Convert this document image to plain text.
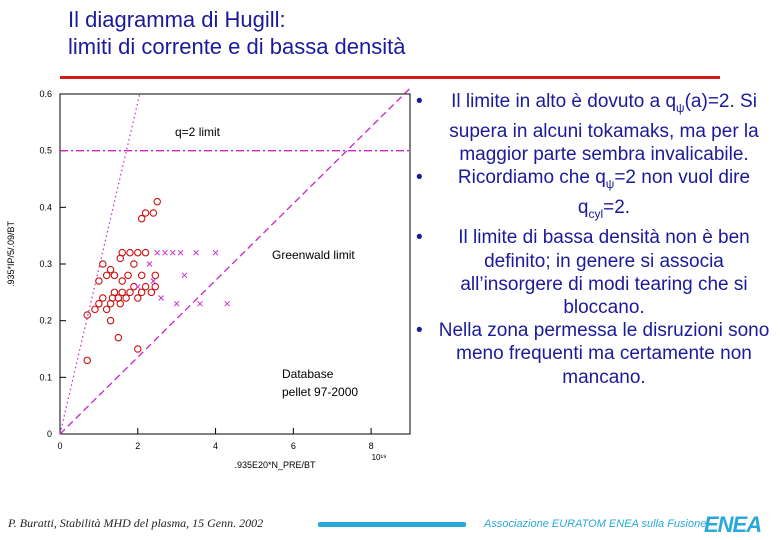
Il diagramma di Hugill:
limiti di corrente e di bassa densità
0	2	4	6	8
0
0.1
0.2
0.3
0.4
0.5
0.6
.935E20*N_PRE/BT
10¹⁹
.935*IP/5/.09/BT
q=2 limit
Greenwald limit
Database
pellet 97-2000
• Il limite in alto è dovuto a $q_\psi(a)=2$. Si supera in alcuni tokamaks, ma per la maggior parte sembra invalicabile.
• Ricordiamo che $q_\psi=2$ non vuol dire $q_{cyl}=2$.
• Il limite di bassa densità non è ben definito; in genere si associa all’insorgere di modi tearing che si bloccano.
• Nella zona permessa le disruzioni sono meno frequenti ma certamente non mancano.
P. Buratti, Stabilità MHD del plasma, 15 Genn. 2002	Associazione EURATOM ENEA sulla Fusione
ENEA
